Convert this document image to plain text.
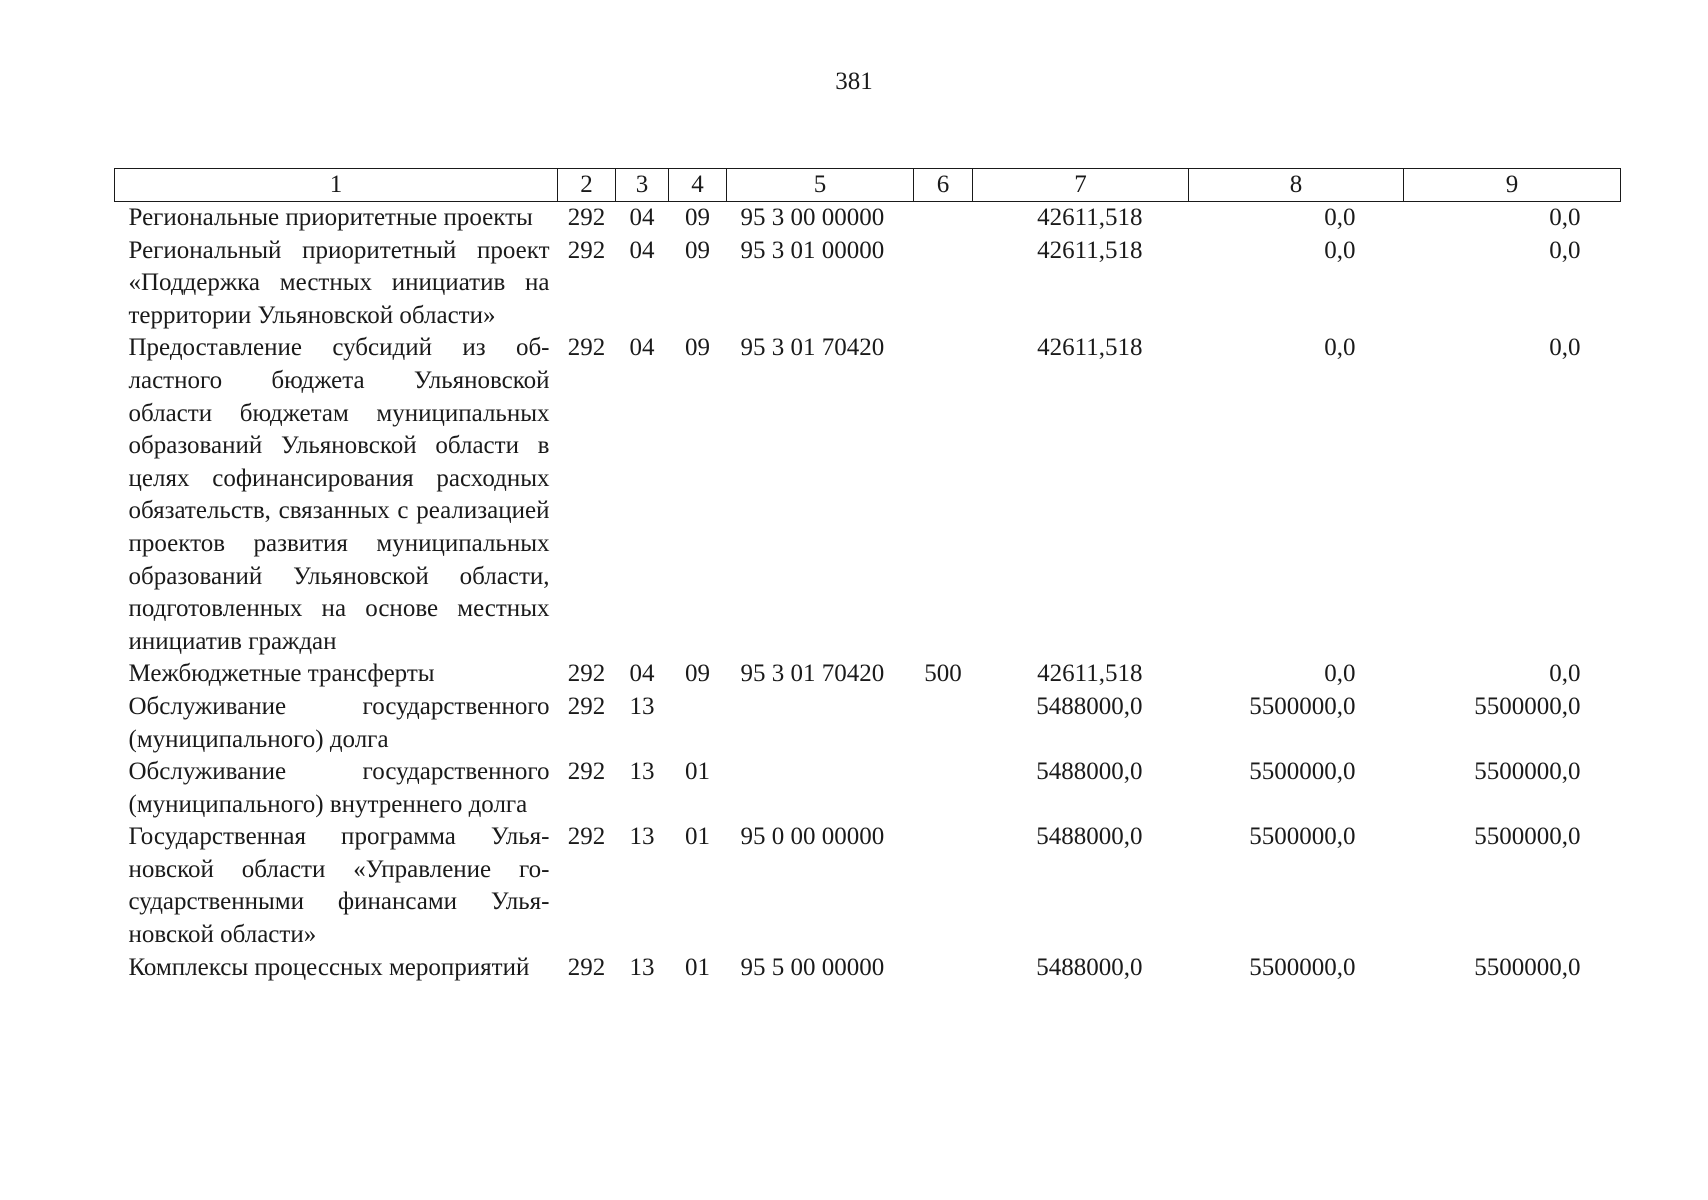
381
1	2	3	4	5	6	7	8	9
Региональные приоритетные проекты	292	04	09	95 3 00 00000		42611,518	0,0	0,0
Региональный приоритетный проект «Поддержка местных инициатив на территории Ульяновской области»	292	04	09	95 3 01 00000		42611,518	0,0	0,0
Предоставление субсидий из областного бюджета Ульяновской области бюджетам муниципальных образований Ульяновской области в целях софинансирования расходных обязательств, связанных с реализацией проектов развития муниципальных образований Ульяновской области, подготовленных на основе местных инициатив граждан	292	04	09	95 3 01 70420		42611,518	0,0	0,0
Межбюджетные трансферты	292	04	09	95 3 01 70420	500	42611,518	0,0	0,0
Обслуживание государственного (муниципального) долга	292	13				5488000,0	5500000,0	5500000,0
Обслуживание государственного (муниципального) внутреннего долга	292	13	01			5488000,0	5500000,0	5500000,0
Государственная программа Ульяновской области «Управление государственными финансами Ульяновской области»	292	13	01	95 0 00 00000		5488000,0	5500000,0	5500000,0
Комплексы процессных мероприятий	292	13	01	95 5 00 00000		5488000,0	5500000,0	5500000,0
